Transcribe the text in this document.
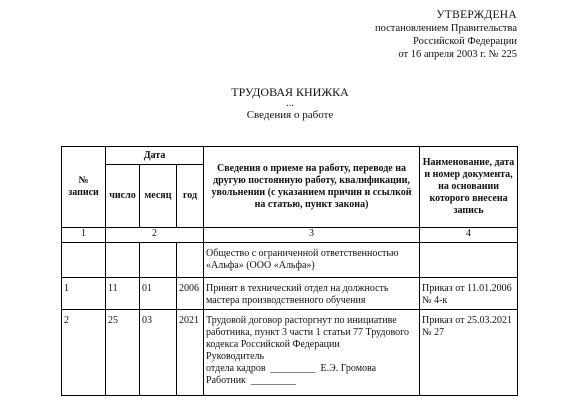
УТВЕРЖДЕНА
постановлением Правительства
Российской Федерации
от 16 апреля 2003 г. № 225
ТРУДОВАЯ КНИЖКА
...
Сведения о работе
№ записи	Дата			Сведения о приеме на работу, переводе на другую постоянную работу, квалификации, увольнении (с указанием причин и ссылкой на статью, пункт закона)	Наименование, дата и номер документа, на основании которого внесена запись
	число	месяц	год		
1	2			3	4
				Общество с ограниченной ответственностью «Альфа» (ООО «Альфа»)	
1	11	01	2006	Принят в технический отдел на должность мастера производственного обучения	Приказ от 11.01.2006 № 4-к
2	25	03	2021	Трудовой договор расторгнут по инициативе работника, пункт 3 части 1 статьи 77 Трудового кодекса Российской Федерации
Руководитель
отдела кадров  _________  Е.Э. Громова
Работник  _________	Приказ от 25.03.2021 № 27
